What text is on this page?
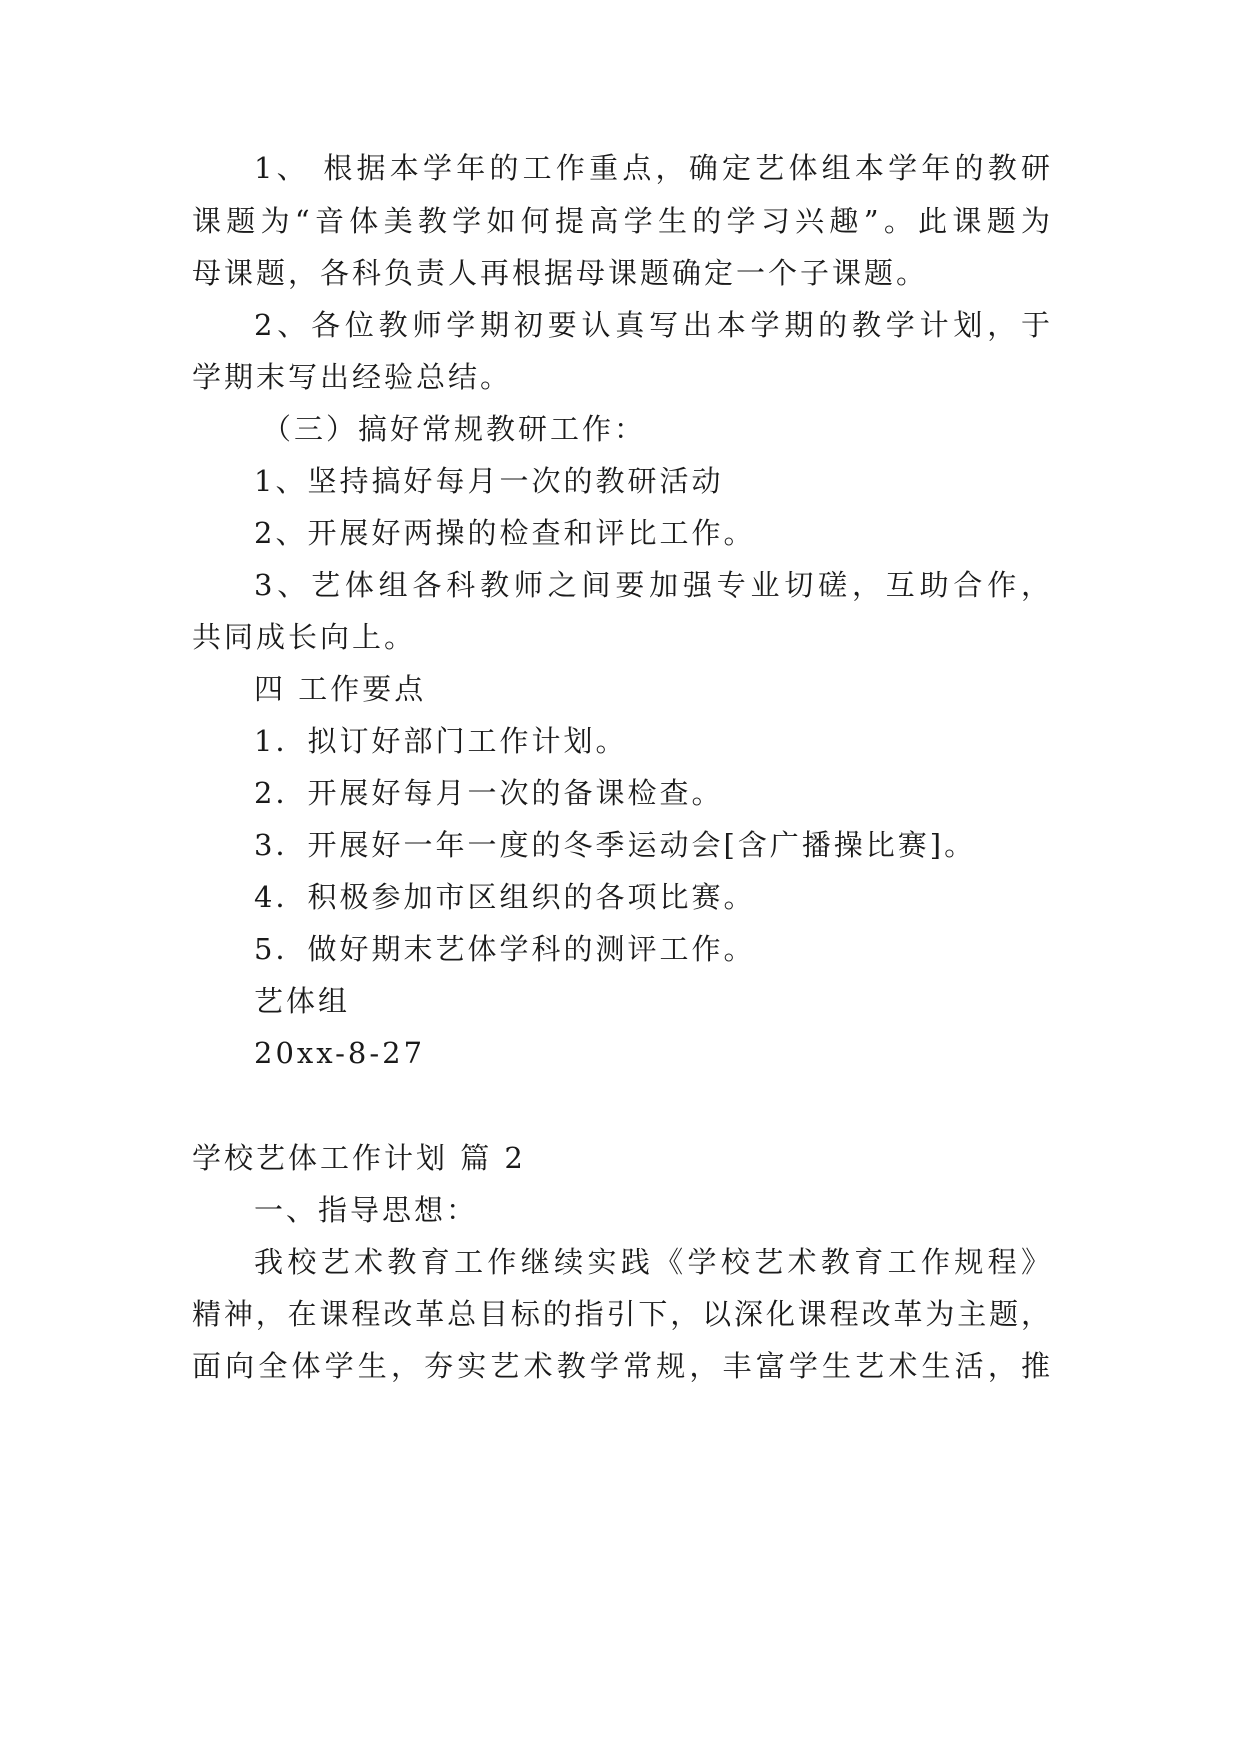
1、 根据本学年的工作重点，确定艺体组本学年的教研
课题为“音体美教学如何提高学生的学习兴趣”。此课题为
母课题，各科负责人再根据母课题确定一个子课题。
2、各位教师学期初要认真写出本学期的教学计划，于
学期末写出经验总结。
（三）搞好常规教研工作：
1、坚持搞好每月一次的教研活动
2、开展好两操的检查和评比工作。
3、艺体组各科教师之间要加强专业切磋，互助合作，
共同成长向上。
四 工作要点
1．拟订好部门工作计划。
2．开展好每月一次的备课检查。
3．开展好一年一度的冬季运动会[含广播操比赛]。
4．积极参加市区组织的各项比赛。
5．做好期末艺体学科的测评工作。
艺体组
20xx-8-27
学校艺体工作计划 篇 2
一、指导思想：
我校艺术教育工作继续实践《学校艺术教育工作规程》
精神，在课程改革总目标的指引下，以深化课程改革为主题，
面向全体学生，夯实艺术教学常规，丰富学生艺术生活，推
